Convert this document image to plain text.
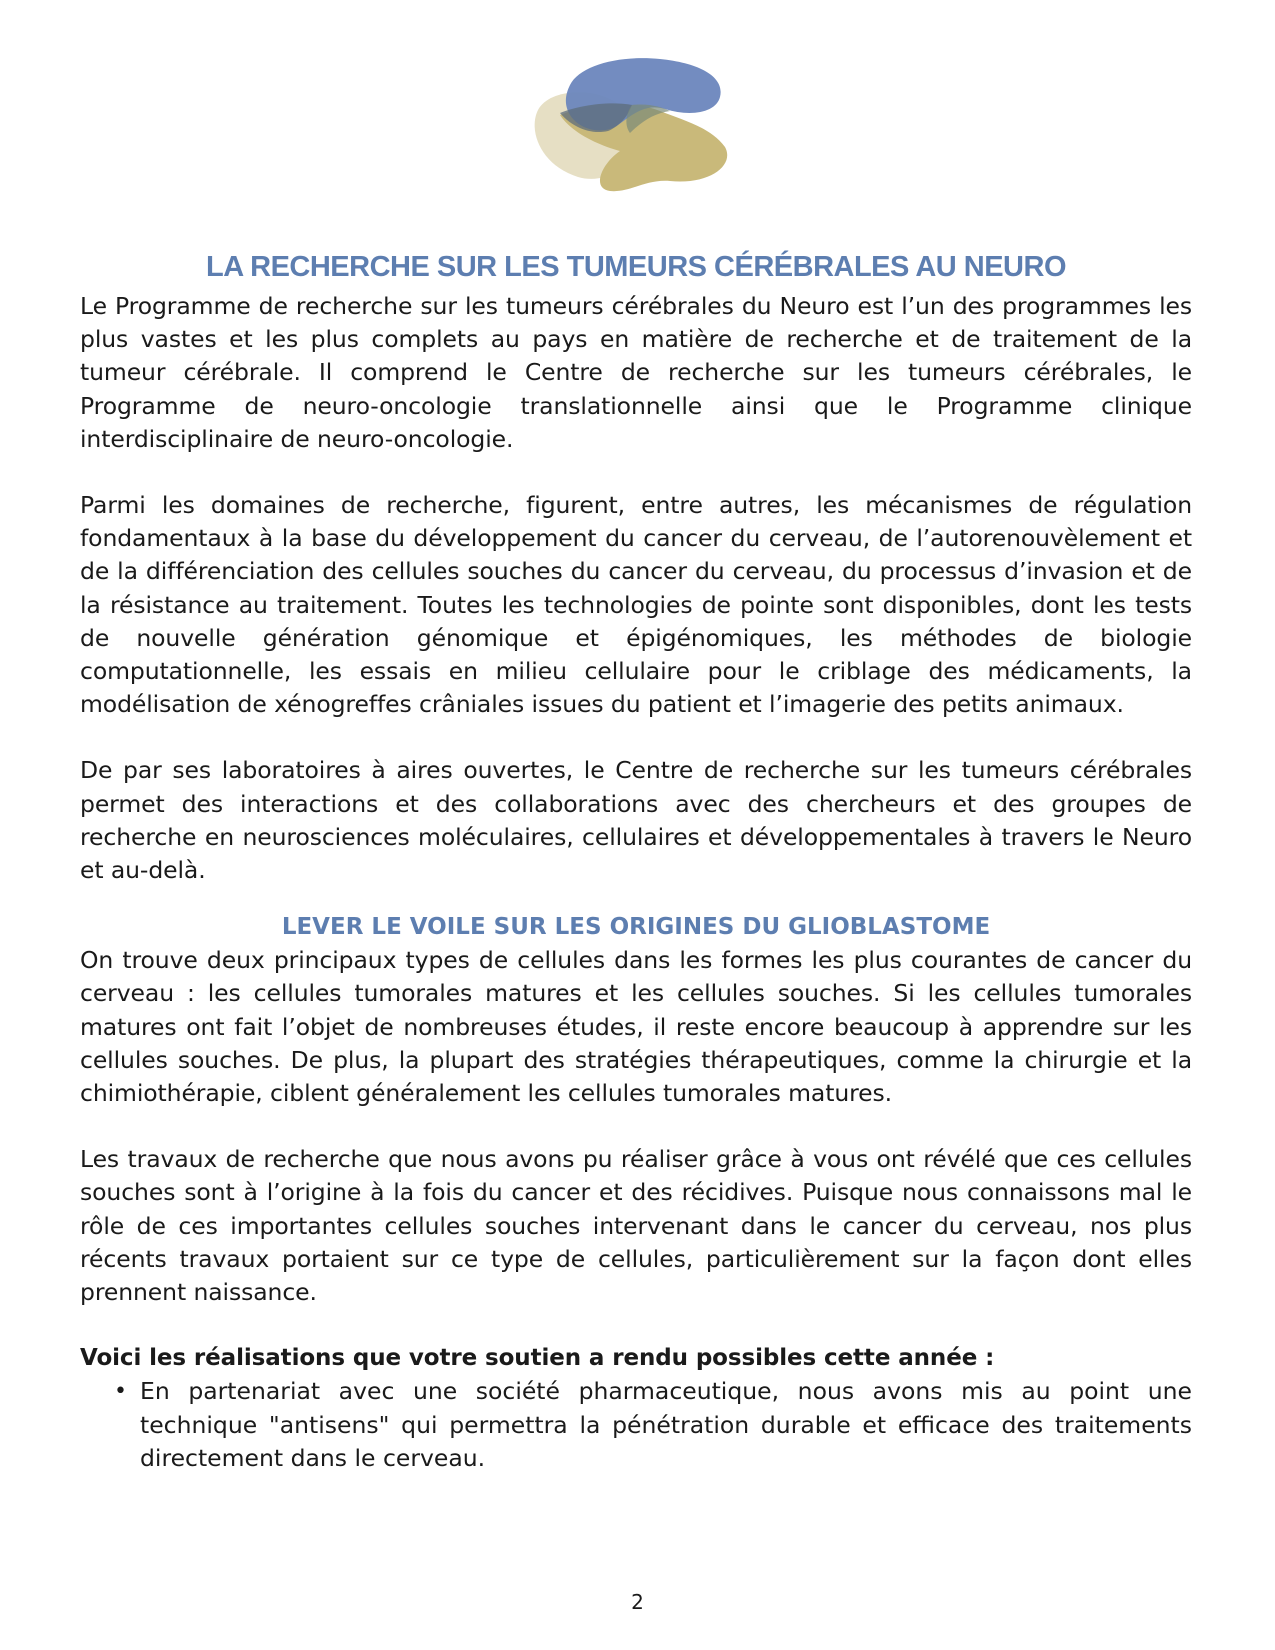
LA RECHERCHE SUR LES TUMEURS CÉRÉBRALES AU NEURO

Le Programme de recherche sur les tumeurs cérébrales du Neuro est l’un des programmes les plus vastes et les plus complets au pays en matière de recherche et de traitement de la tumeur cérébrale. Il comprend le Centre de recherche sur les tumeurs cérébrales, le Programme de neuro-oncologie translationnelle ainsi que le Programme clinique interdisciplinaire de neuro-oncologie.

Parmi les domaines de recherche, figurent, entre autres, les mécanismes de régulation fondamentaux à la base du développement du cancer du cerveau, de l’autorenouvèlement et de la différenciation des cellules souches du cancer du cerveau, du processus d’invasion et de la résistance au traitement. Toutes les technologies de pointe sont disponibles, dont les tests de nouvelle génération génomique et épigénomiques, les méthodes de biologie computationnelle, les essais en milieu cellulaire pour le criblage des médicaments, la modélisation de xénogreffes crâniales issues du patient et l’imagerie des petits animaux.

De par ses laboratoires à aires ouvertes, le Centre de recherche sur les tumeurs cérébrales permet des interactions et des collaborations avec des chercheurs et des groupes de recherche en neurosciences moléculaires, cellulaires et développementales à travers le Neuro et au-delà.

LEVER LE VOILE SUR LES ORIGINES DU GLIOBLASTOME

On trouve deux principaux types de cellules dans les formes les plus courantes de cancer du cerveau : les cellules tumorales matures et les cellules souches. Si les cellules tumorales matures ont fait l’objet de nombreuses études, il reste encore beaucoup à apprendre sur les cellules souches. De plus, la plupart des stratégies thérapeutiques, comme la chirurgie et la chimiothérapie, ciblent généralement les cellules tumorales matures.

Les travaux de recherche que nous avons pu réaliser grâce à vous ont révélé que ces cellules souches sont à l’origine à la fois du cancer et des récidives. Puisque nous connaissons mal le rôle de ces importantes cellules souches intervenant dans le cancer du cerveau, nos plus récents travaux portaient sur ce type de cellules, particulièrement sur la façon dont elles prennent naissance.

Voici les réalisations que votre soutien a rendu possibles cette année :

• En partenariat avec une société pharmaceutique, nous avons mis au point une technique "antisens" qui permettra la pénétration durable et efficace des traitements directement dans le cerveau.
2
